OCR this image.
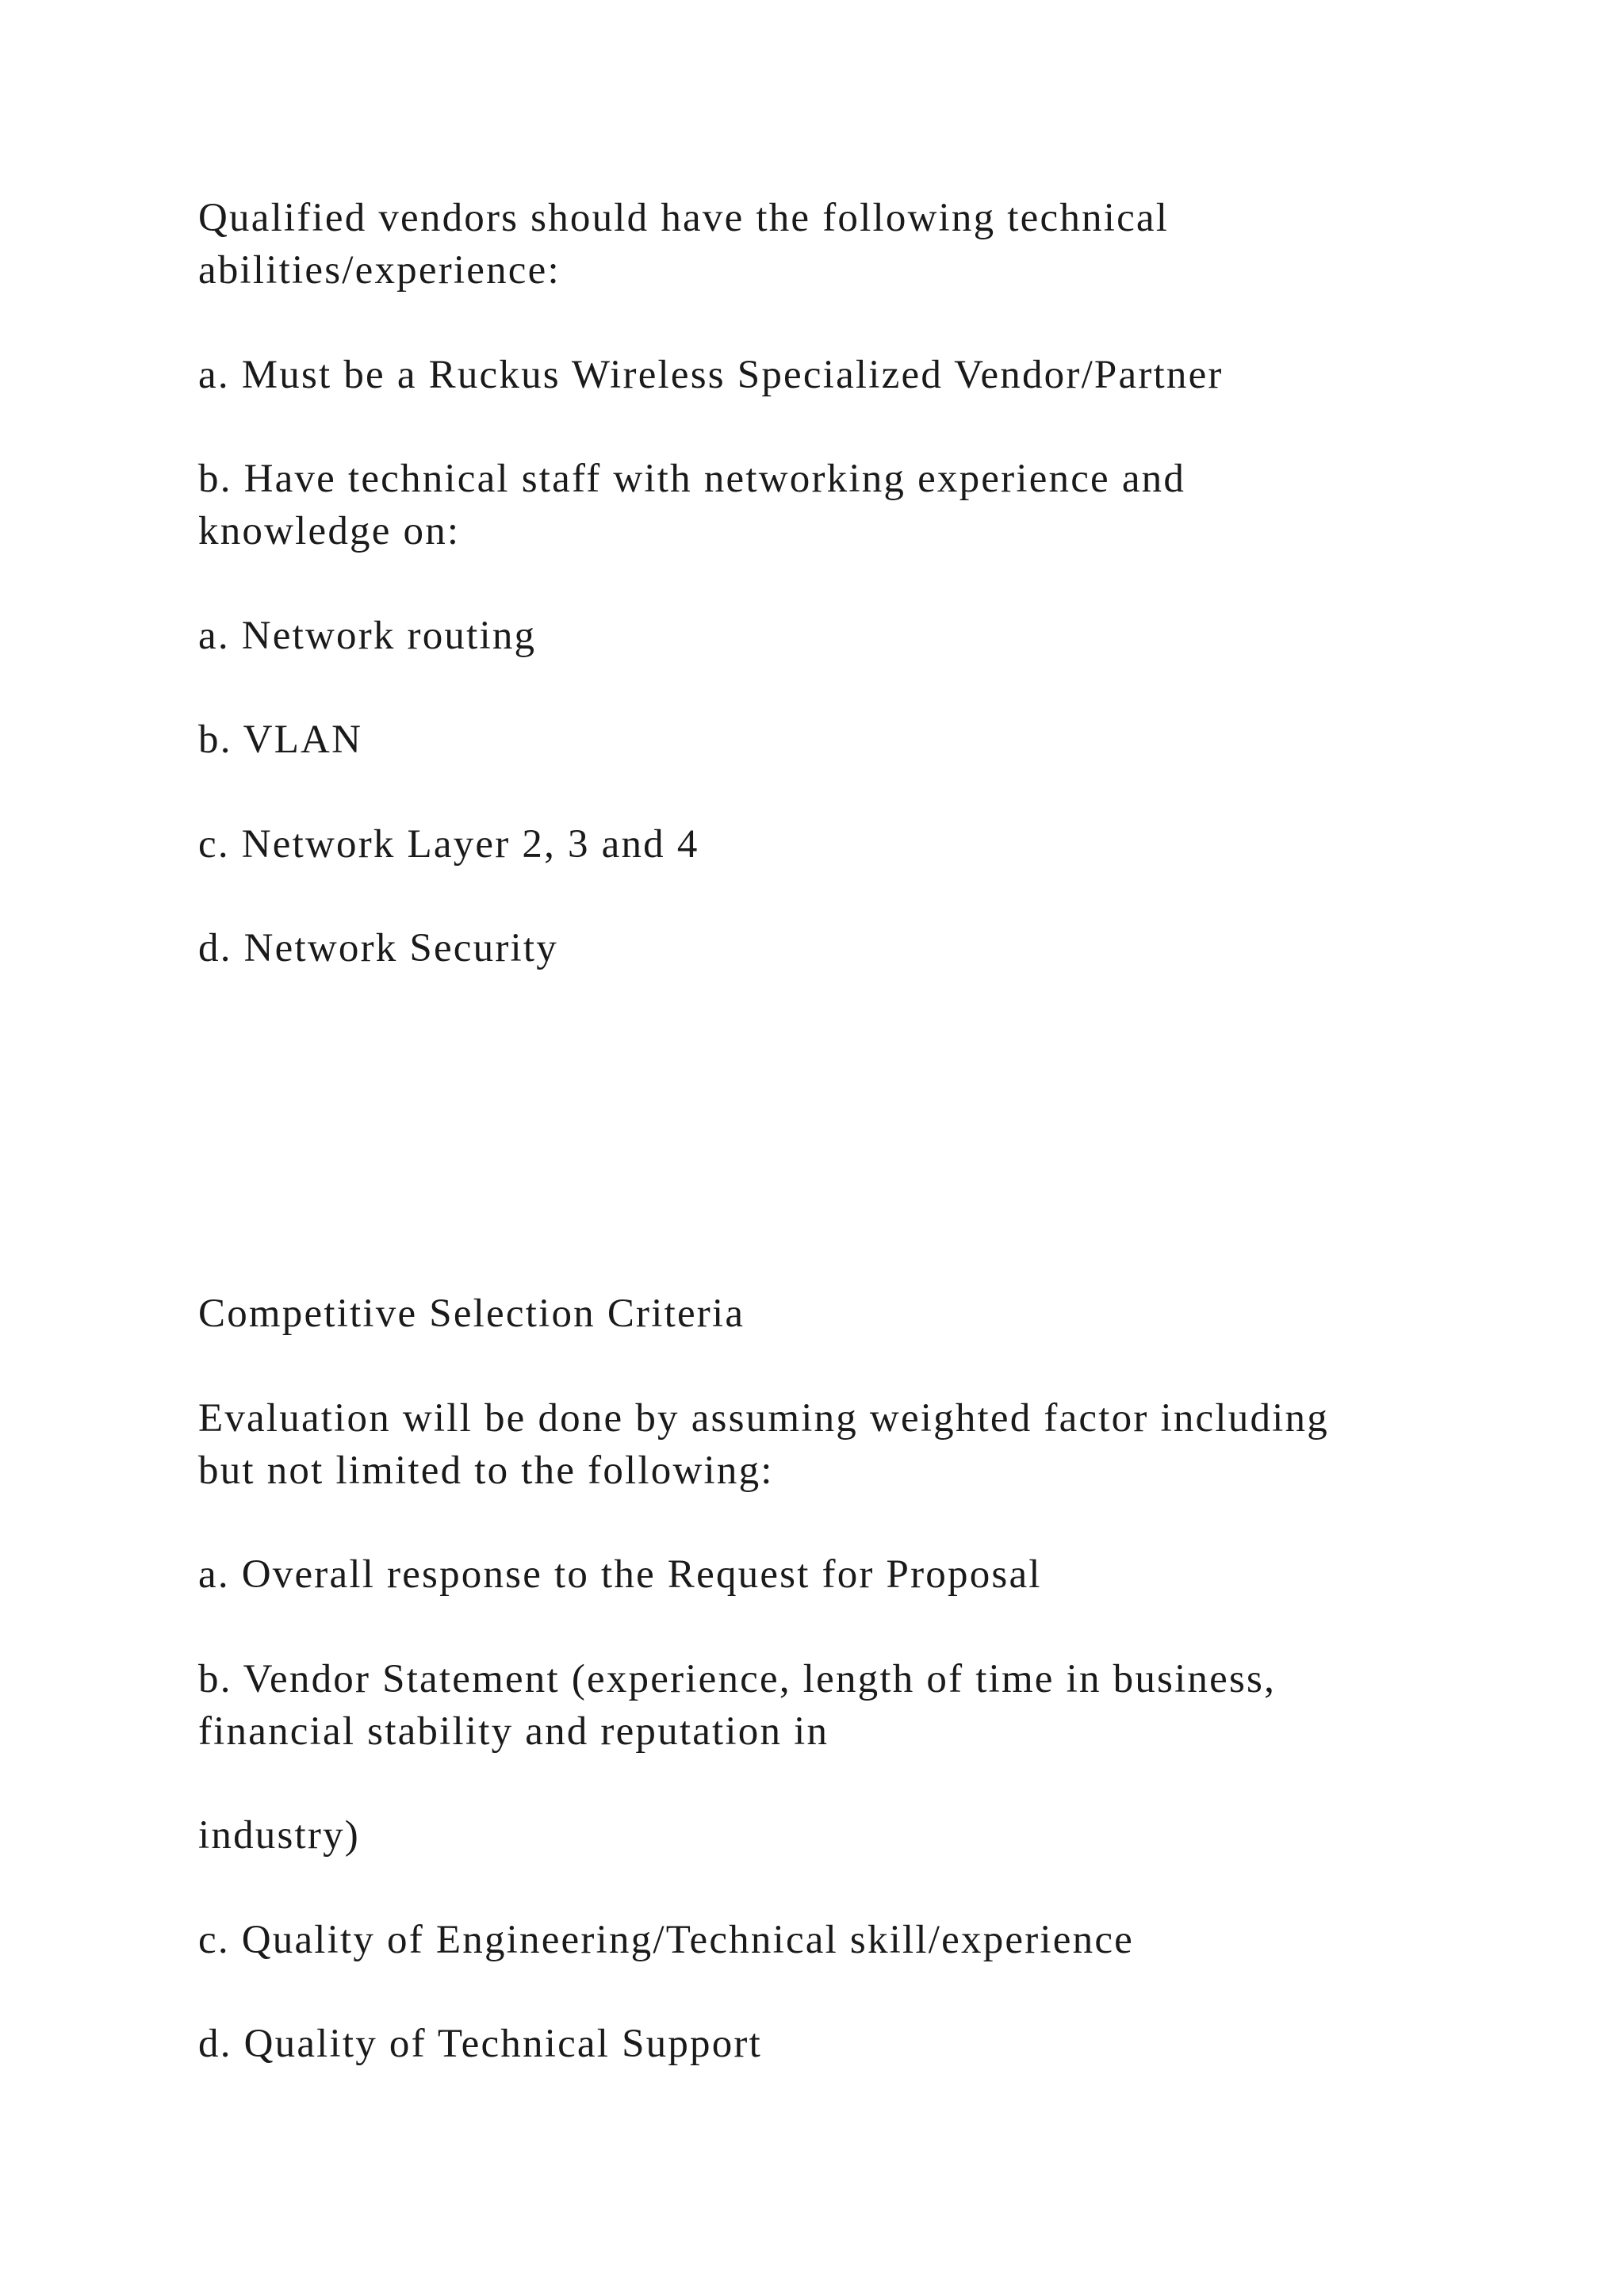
Qualified vendors should have the following technical

abilities/experience:

a. Must be a Ruckus Wireless Specialized Vendor/Partner

b. Have technical staff with networking experience and

knowledge on:

a. Network routing

b. VLAN

c. Network Layer 2, 3 and 4

d. Network Security

Competitive Selection Criteria

Evaluation will be done by assuming weighted factor including

but not limited to the following:

a. Overall response to the Request for Proposal

b. Vendor Statement (experience, length of time in business,

financial stability and reputation in

industry)

c. Quality of Engineering/Technical skill/experience

d. Quality of Technical Support
